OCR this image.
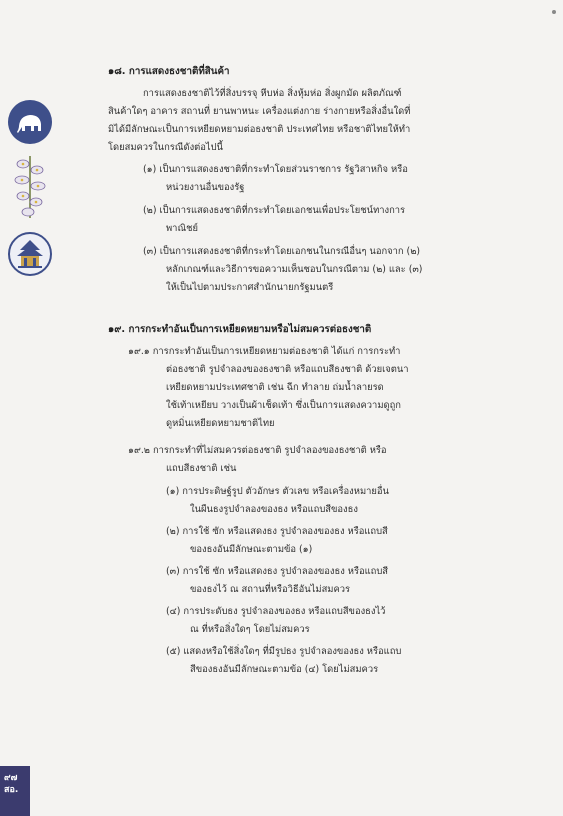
๑๘. การแสดงธงชาติที่สินค้า
การแสดงธงชาติไว้ที่สิ่งบรรจุ หีบห่อ สิ่งหุ้มห่อ สิ่งผูกมัด ผลิตภัณฑ์
สินค้าใดๆ อาคาร สถานที่ ยานพาหนะ เครื่องแต่งกาย ร่างกายหรือสิ่งอื่นใดที่
มิได้มีลักษณะเป็นการเหยียดหยามต่อธงชาติ ประเทศไทย หรือชาติไทยให้ทำ
โดยสมควรในกรณีดังต่อไปนี้
(๑) เป็นการแสดงธงชาติที่กระทำโดยส่วนราชการ รัฐวิสาหกิจ หรือ
หน่วยงานอื่นของรัฐ
(๒) เป็นการแสดงธงชาติที่กระทำโดยเอกชนเพื่อประโยชน์ทางการ
พาณิชย์
(๓) เป็นการแสดงธงชาติที่กระทำโดยเอกชนในกรณีอื่นๆ นอกจาก (๒)
หลักเกณฑ์และวิธีการขอความเห็นชอบในกรณีตาม (๒) และ (๓)
ให้เป็นไปตามประกาศสำนักนายกรัฐมนตรี
๑๙. การกระทำอันเป็นการเหยียดหยามหรือไม่สมควรต่อธงชาติ
๑๙.๑ การกระทำอันเป็นการเหยียดหยามต่อธงชาติ ได้แก่ การกระทำ
ต่อธงชาติ รูปจำลองของธงชาติ หรือแถบสีธงชาติ ด้วยเจตนา
เหยียดหยามประเทศชาติ เช่น ฉีก ทำลาย ถ่มน้ำลายรด
ใช้เท้าเหยียบ วางเป็นผ้าเช็ดเท้า ซึ่งเป็นการแสดงความดูถูก
ดูหมิ่นเหยียดหยามชาติไทย
๑๙.๒ การกระทำที่ไม่สมควรต่อธงชาติ รูปจำลองของธงชาติ หรือ
แถบสีธงชาติ เช่น
(๑) การประดิษฐ์รูป ตัวอักษร ตัวเลข หรือเครื่องหมายอื่น
ในผืนธงรูปจำลองของธง หรือแถบสีของธง
(๒) การใช้ ซัก หรือแสดงธง รูปจำลองของธง หรือแถบสี
ของธงอันมีลักษณะตามข้อ (๑)
(๓) การใช้ ซัก หรือแสดงธง รูปจำลองของธง หรือแถบสี
ของธงไว้ ณ สถานที่หรือวิธีอันไม่สมควร
(๔) การประดับธง รูปจำลองของธง หรือแถบสีของธงไว้
ณ ที่หรือสิ่งใดๆ โดยไม่สมควร
(๕) แสดงหรือใช้สิ่งใดๆ ที่มีรูปธง รูปจำลองของธง หรือแถบ
สีของธงอันมีลักษณะตามข้อ (๔) โดยไม่สมควร
๙๗
สอ.
